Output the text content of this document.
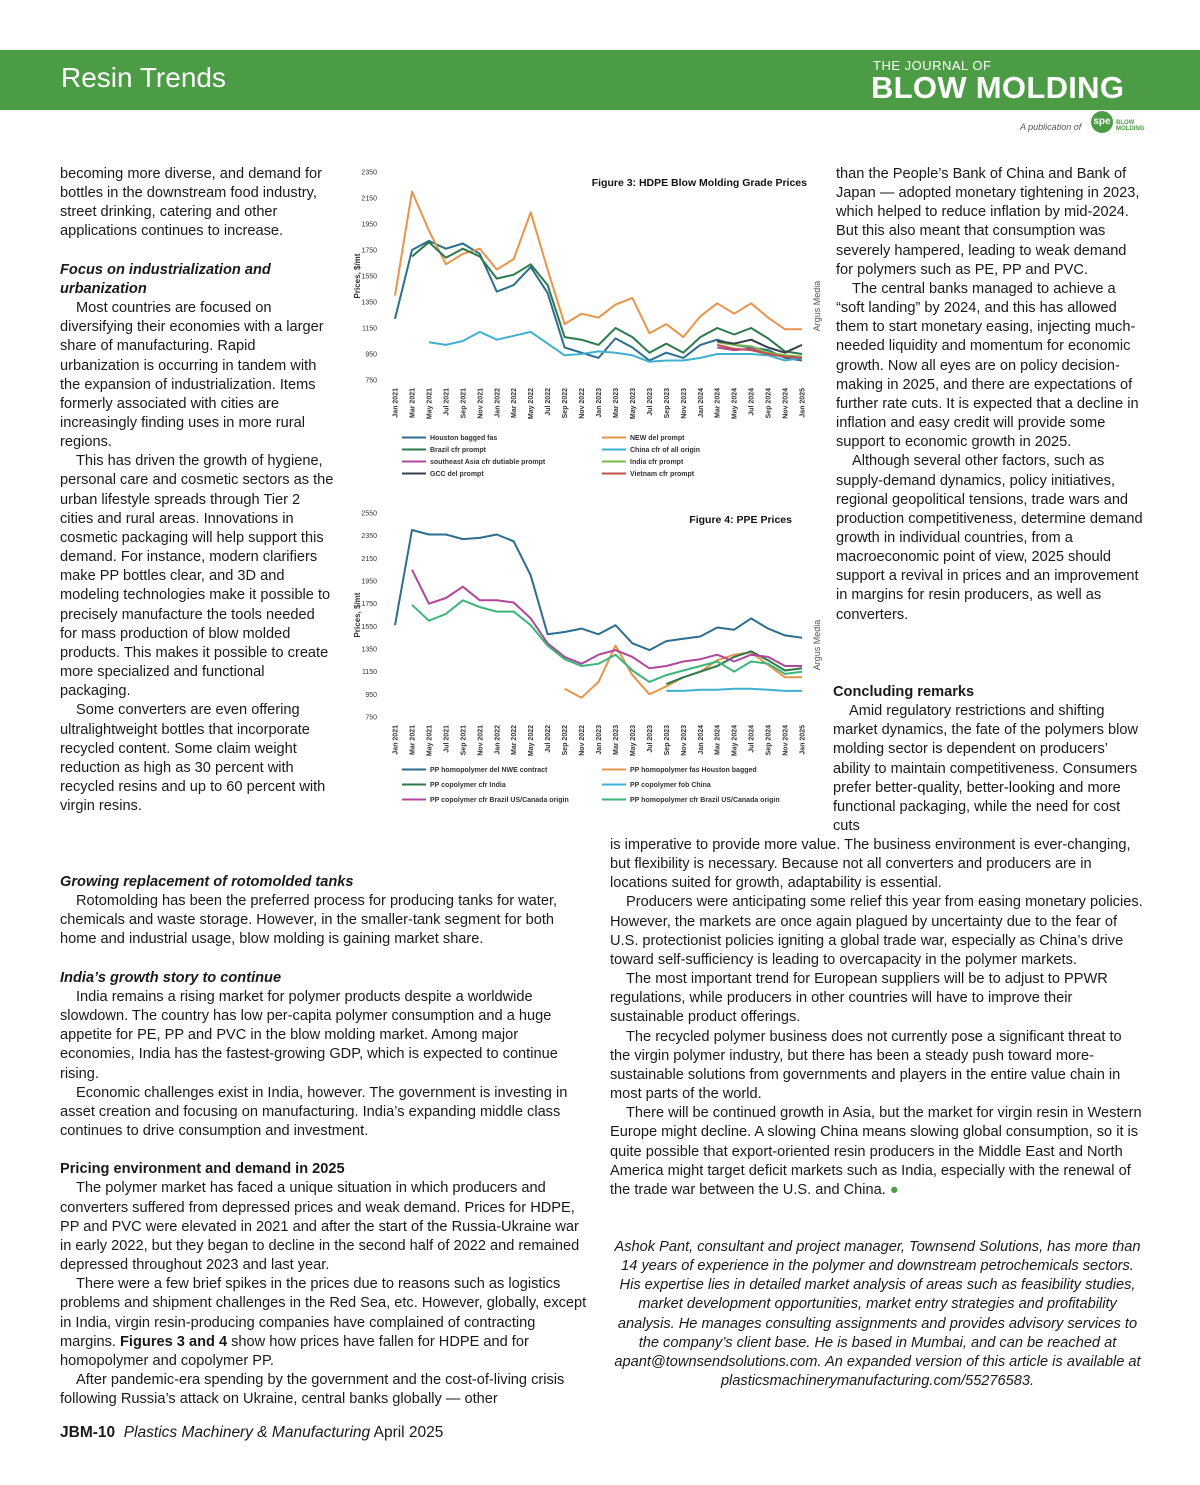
Resin Trends	THE JOURNAL OF
BLOW MOLDING
A publication of spe BLOW
MOLDING

becoming more diverse, and demand for bottles in the downstream food industry, street drinking, catering and other applications continues to increase.

Focus on industrialization and urbanization

Most countries are focused on diversifying their economies with a larger share of manufacturing. Rapid urbanization is occurring in tandem with the expansion of industrialization. Items formerly associated with cities are increasingly finding uses in more rural regions.

This has driven the growth of hygiene, personal care and cosmetic sectors as the urban lifestyle spreads through Tier 2 cities and rural areas. Innovations in cosmetic packaging will help support this demand. For instance, modern clarifiers make PP bottles clear, and 3D and modeling technologies make it possible to precisely manufacture the tools needed for mass production of blow molded products. This makes it possible to create more specialized and functional packaging.

Some converters are even offering ultralightweight bottles that incorporate recycled content. Some claim weight reduction as high as 30 percent with recycled resins and up to 60 percent with virgin resins.

Growing replacement of rotomolded tanks

Rotomolding has been the preferred process for producing tanks for water, chemicals and waste storage. However, in the smaller-tank segment for both home and industrial usage, blow molding is gaining market share.

India’s growth story to continue

India remains a rising market for polymer products despite a worldwide slowdown. The country has low per-capita polymer consumption and a huge appetite for PE, PP and PVC in the blow molding market. Among major economies, India has the fastest-growing GDP, which is expected to continue rising.

Economic challenges exist in India, however. The government is investing in asset creation and focusing on manufacturing. India’s expanding middle class continues to drive consumption and investment.

Pricing environment and demand in 2025

The polymer market has faced a unique situation in which producers and converters suffered from depressed prices and weak demand. Prices for HDPE, PP and PVC were elevated in 2021 and after the start of the Russia-Ukraine war in early 2022, but they began to decline in the second half of 2022 and remained depressed throughout 2023 and last year.

There were a few brief spikes in the prices due to reasons such as logistics problems and shipment challenges in the Red Sea, etc. However, globally, except in India, virgin resin-producing companies have complained of contracting margins. Figures 3 and 4 show how prices have fallen for HDPE and for homopolymer and copolymer PP.

After pandemic-era spending by the government and the cost-of-living crisis following Russia’s attack on Ukraine, central banks globally — other

than the People’s Bank of China and Bank of Japan — adopted monetary tightening in 2023, which helped to reduce inflation by mid-2024. But this also meant that consumption was severely hampered, leading to weak demand for polymers such as PE, PP and PVC.

The central banks managed to achieve a “soft landing” by 2024, and this has allowed them to start monetary easing, injecting much-needed liquidity and momentum for economic growth. Now all eyes are on policy decision-making in 2025, and there are expectations of further rate cuts. It is expected that a decline in inflation and easy credit will provide some support to economic growth in 2025.

Although several other factors, such as supply-demand dynamics, policy initiatives, regional geopolitical tensions, trade wars and production competitiveness, determine demand growth in individual countries, from a macroeconomic point of view, 2025 should support a revival in prices and an improvement in margins for resin producers, as well as converters.

Concluding remarks

Amid regulatory restrictions and shifting market dynamics, the fate of the polymers blow molding sector is dependent on producers’ ability to maintain competitiveness. Consumers prefer better-quality, better-looking and more functional packaging, while the need for cost cuts

is imperative to provide more value. The business environment is ever-changing, but flexibility is necessary. Because not all converters and producers are in locations suited for growth, adaptability is essential.

Producers were anticipating some relief this year from easing monetary policies. However, the markets are once again plagued by uncertainty due to the fear of U.S. protectionist policies igniting a global trade war, especially as China’s drive toward self-sufficiency is leading to overcapacity in the polymer markets.

The most important trend for European suppliers will be to adjust to PPWR regulations, while producers in other countries will have to improve their sustainable product offerings.

The recycled polymer business does not currently pose a significant threat to the virgin polymer industry, but there has been a steady push toward more-sustainable solutions from governments and players in the entire value chain in most parts of the world.

There will be continued growth in Asia, but the market for virgin resin in Western Europe might decline. A slowing China means slowing global consumption, so it is quite possible that export-oriented resin producers in the Middle East and North America might target deficit markets such as India, especially with the renewal of the trade war between the U.S. and China. ●

Ashok Pant, consultant and project manager, Townsend Solutions, has more than 14 years of experience in the polymer and downstream petrochemicals sectors. His expertise lies in detailed market analysis of areas such as feasibility studies, market development opportunities, market entry strategies and profitability analysis. He manages consulting assignments and provides advisory services to the company’s client base. He is based in Mumbai, and can be reached at apant@townsendsolutions.com. An expanded version of this article is available at plasticsmachinerymanufacturing.com/55276583.
JBM-10 Plastics Machinery & Manufacturing April 2025
2350
2150
1950
1750
1550
1350
1150
950
750
Prices, $/mt
Jan 2021 Mar 2021 May 2021 Jul 2021 Sep 2021 Nov 2021 Jan 2022 Mar 2022 May 2022 Jul 2022 Sep 2022 Nov 2022 Jan 2023 Mar 2023 May 2023 Jul 2023 Sep 2023 Nov 2023 Jan 2024 Mar 2024 May 2024 Jul 2024 Sep 2024 Nov 2024 Jan 2025
Figure 3: HDPE Blow Molding Grade Prices
Argus Media
Houston bagged fas	NEW del prompt
Brazil cfr prompt	China cfr of all origin
southeast Asia cfr dutiable prompt	India cfr prompt
GCC del prompt	Vietnam cfr prompt
2550
2350
2150
1950
1750
1550
1350
1150
950
750
Prices, $/mt
Jan 2021 Mar 2021 May 2021 Jul 2021 Sep 2021 Nov 2021 Jan 2022 Mar 2022 May 2022 Jul 2022 Sep 2022 Nov 2022 Jan 2023 Mar 2023 May 2023 Jul 2023 Sep 2023 Nov 2023 Jan 2024 Mar 2024 May 2024 Jul 2024 Sep 2024 Nov 2024 Jan 2025
Figure 4: PPE Prices
Argus Media
PP homopolymer del NWE contract	PP homopolymer fas Houston bagged
PP copolymer cfr India	PP copolymer fob China
PP copolymer cfr Brazil US/Canada origin	PP homopolymer cfr Brazil US/Canada origin
